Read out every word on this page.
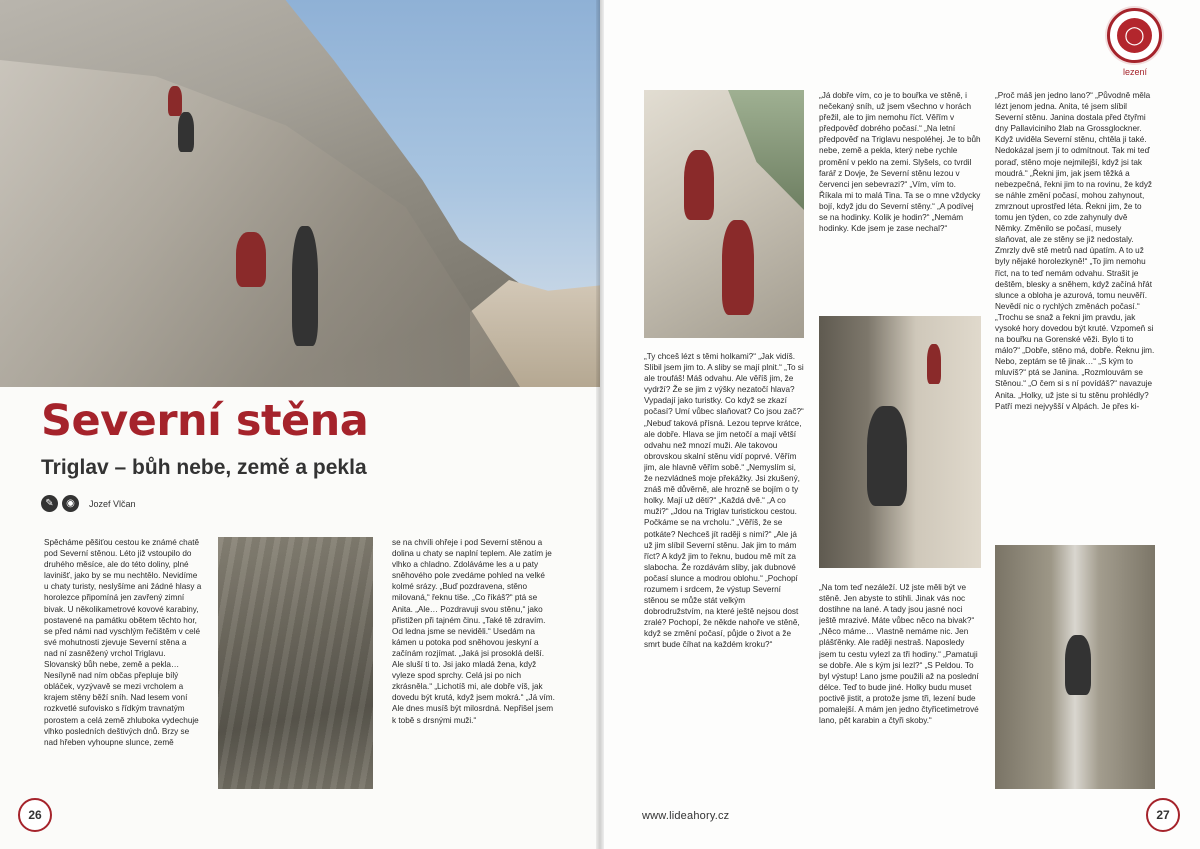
Severní stěna
Triglav – bůh nebe, země a pekla
✎	◉	Jozef Vlčan

Spěcháme pěšiťou cestou ke známé chatě pod Severní stěnou. Léto již vstoupilo do druhého měsíce, ale do této doliny, plné lavinišť, jako by se mu nechtělo. Nevidíme u chaty turisty, neslyšíme ani žádné hlasy a horolezce připomíná jen zavřený zimní bivak. U několikametrové kovové karabiny, postavené na památku obětem těchto hor, se před námi nad vyschlým řečištěm v celé své mohutnosti zjevuje Severní stěna a nad ní zasněžený vrchol Triglavu. Slovanský bůh nebe, země a pekla… Nesílyně nad ním občas přepluje bílý obláček, vyzývavě se mezi vrcholem a krajem stěny běží sníh. Nad lesem voní rozkvetlé sufovisko s řídkým travnatým porostem a celá země zhluboka vydechuje vlhko posledních deštivých dnů. Brzy se nad hřeben vyhoupne slunce, země

se na chvíli ohřeje i pod Severní stěnou a dolina u chaty se naplní teplem. Ale zatím je vlhko a chladno. Zdoláváme les a u paty sněhového pole zvedáme pohled na velké kolmé srázy. „Buď pozdravena, stěno milovaná,“ řeknu tiše. „Co říkáš?“ ptá se Anita. „Ale… Pozdravuji svou stěnu,“ jako přistižen při tajném činu. „Také tě zdravím. Od ledna jsme se neviděli.“ Usedám na kámen u potoka pod sněhovou jeskyní a začínám rozjímat. „Jaká jsi prosoklá delší. Ale sluší ti to. Jsi jako mladá žena, když vyleze spod sprchy. Celá jsi po nich zkrásněla.“ „Lichotíš mi, ale dobře víš, jak dovedu být krutá, když jsem mokrá.“ „Já vím. Ale dnes musíš být milosrdná. Nepřišel jsem k tobě s drsnými muži.“

26
◯
lezení

„Ty chceš lézt s těmi holkami?“ „Jak vidíš. Slíbil jsem jim to. A sliby se mají plnit.“ „To si ale troufáš! Máš odvahu. Ale věříš jim, že vydrží? Že se jim z výšky nezatočí hlava? Vypadají jako turistky. Co když se zkazí počasí? Umí vůbec slaňovat? Co jsou zač?“ „Nebuď taková přísná. Lezou teprve krátce, ale dobře. Hlava se jim netočí a mají větší odvahu než mnozí muži. Ale takovou obrovskou skalní stěnu vidí poprvé. Věřím jim, ale hlavně věřím sobě.“ „Nemyslím si, že nezvládneš moje překážky. Jsi zkušený, znáš mě důvěrně, ale hrozně se bojím o ty holky. Mají už děti?“ „Každá dvě.“ „A co muži?“ „Jdou na Triglav turistickou cestou. Počkáme se na vrcholu.“ „Věříš, že se potkáte? Nechceš jít raději s nimi?“ „Ale já už jim slíbil Severní stěnu. Jak jim to mám říct? A když jim to řeknu, budou mě mít za slabocha. Že rozdávám sliby, jak dubnové počasí slunce a modrou oblohu.“ „Pochopí rozumem i srdcem, že výstup Severní stěnou se může stát velkým dobrodružstvím, na které ještě nejsou dost zralé? Pochopí, že někde nahoře ve stěně, když se změní počasí, půjde o život a že smrt bude číhat na každém kroku?“

„Já dobře vím, co je to bouřka ve stěně, i nečekaný sníh, už jsem všechno v horách přežil, ale to jim nemohu říct. Věřím v předpověď dobrého počasí.“ „Na letní předpověď na Triglavu nespoléhej. Je to bůh nebe, země a pekla, který nebe rychle promění v peklo na zemi. Slyšels, co tvrdil farář z Dovje, že Severní stěnu lezou v červenci jen sebevrazi?“ „Vím, vím to. Říkala mi to malá Tina. Ta se o mne vždycky bojí, když jdu do Severní stěny.“ „A podívej se na hodinky. Kolik je hodin?“ „Nemám hodinky. Kde jsem je zase nechal?“

„Na tom teď nezáleží. Už jste měli být ve stěně. Jen abyste to stihli. Jinak vás noc dostihne na lané. A tady jsou jasné noci ještě mrazivé. Máte vůbec něco na bivak?“ „Něco máme… Vlastně nemáme nic. Jen plášťěnky. Ale raději nestraš. Naposledy jsem tu cestu vylezl za tři hodiny.“ „Pamatuji se dobře. Ale s kým jsi lezl?“ „S Peldou. To byl výstup! Lano jsme použili až na poslední délce. Teď to bude jiné. Holky budu muset poctivě jistit, a protože jsme tři, lezení bude pomalejší. A mám jen jedno čtyřicetimetrové lano, pět karabin a čtyři skoby.“

„Proč máš jen jedno lano?“ „Původně měla lézt jenom jedna. Anita, té jsem slíbil Severní stěnu. Janina dostala před čtyřmi dny Pallavicinihо žlab na Grossglockner. Když uviděla Severní stěnu, chtěla ji také. Nedokázal jsem jí to odmítnout. Tak mi teď poraď, stěno moje nejmilejší, když jsi tak moudrá.“ „Řekni jim, jak jsem těžká a nebezpečná, řekni jim to na rovinu, že když se náhle změní počasí, mohou zahynout, zmrznout uprostřed léta. Řekni jim, že to tomu jen týden, co zde zahynuly dvě Němky. Změnilo se počasí, musely slaňovat, ale ze stěny se již nedostaly. Zmrzly dvě stě metrů nad úpatím. A to už byly nějaké horolezkyně!“ „To jim nemohu říct, na to teď nemám odvahu. Strašit je deštěm, blesky a sněhem, když začíná hřát slunce a obloha je azurová, tomu neuvěří. Nevědí nic o rychlých změnách počasí.“ „Trochu se snaž a řekni jim pravdu, jak vysoké hory dovedou být kruté. Vzpomeň si na bouřku na Gorenské věži. Bylo ti to málo?“ „Dobře, stěno má, dobře. Řeknu jim. Nebo, zeptám se tě jinak…“ „S kým to mluvíš?“ ptá se Janina. „Rozmlouvám se Stěnou.“ „O čem si s ní povídáš?“ navazuje Anita. „Holky, už jste si tu stěnu prohlédly? Patří mezi nejvyšší v Alpách. Je přes ki-

www.lideahory.cz	27
